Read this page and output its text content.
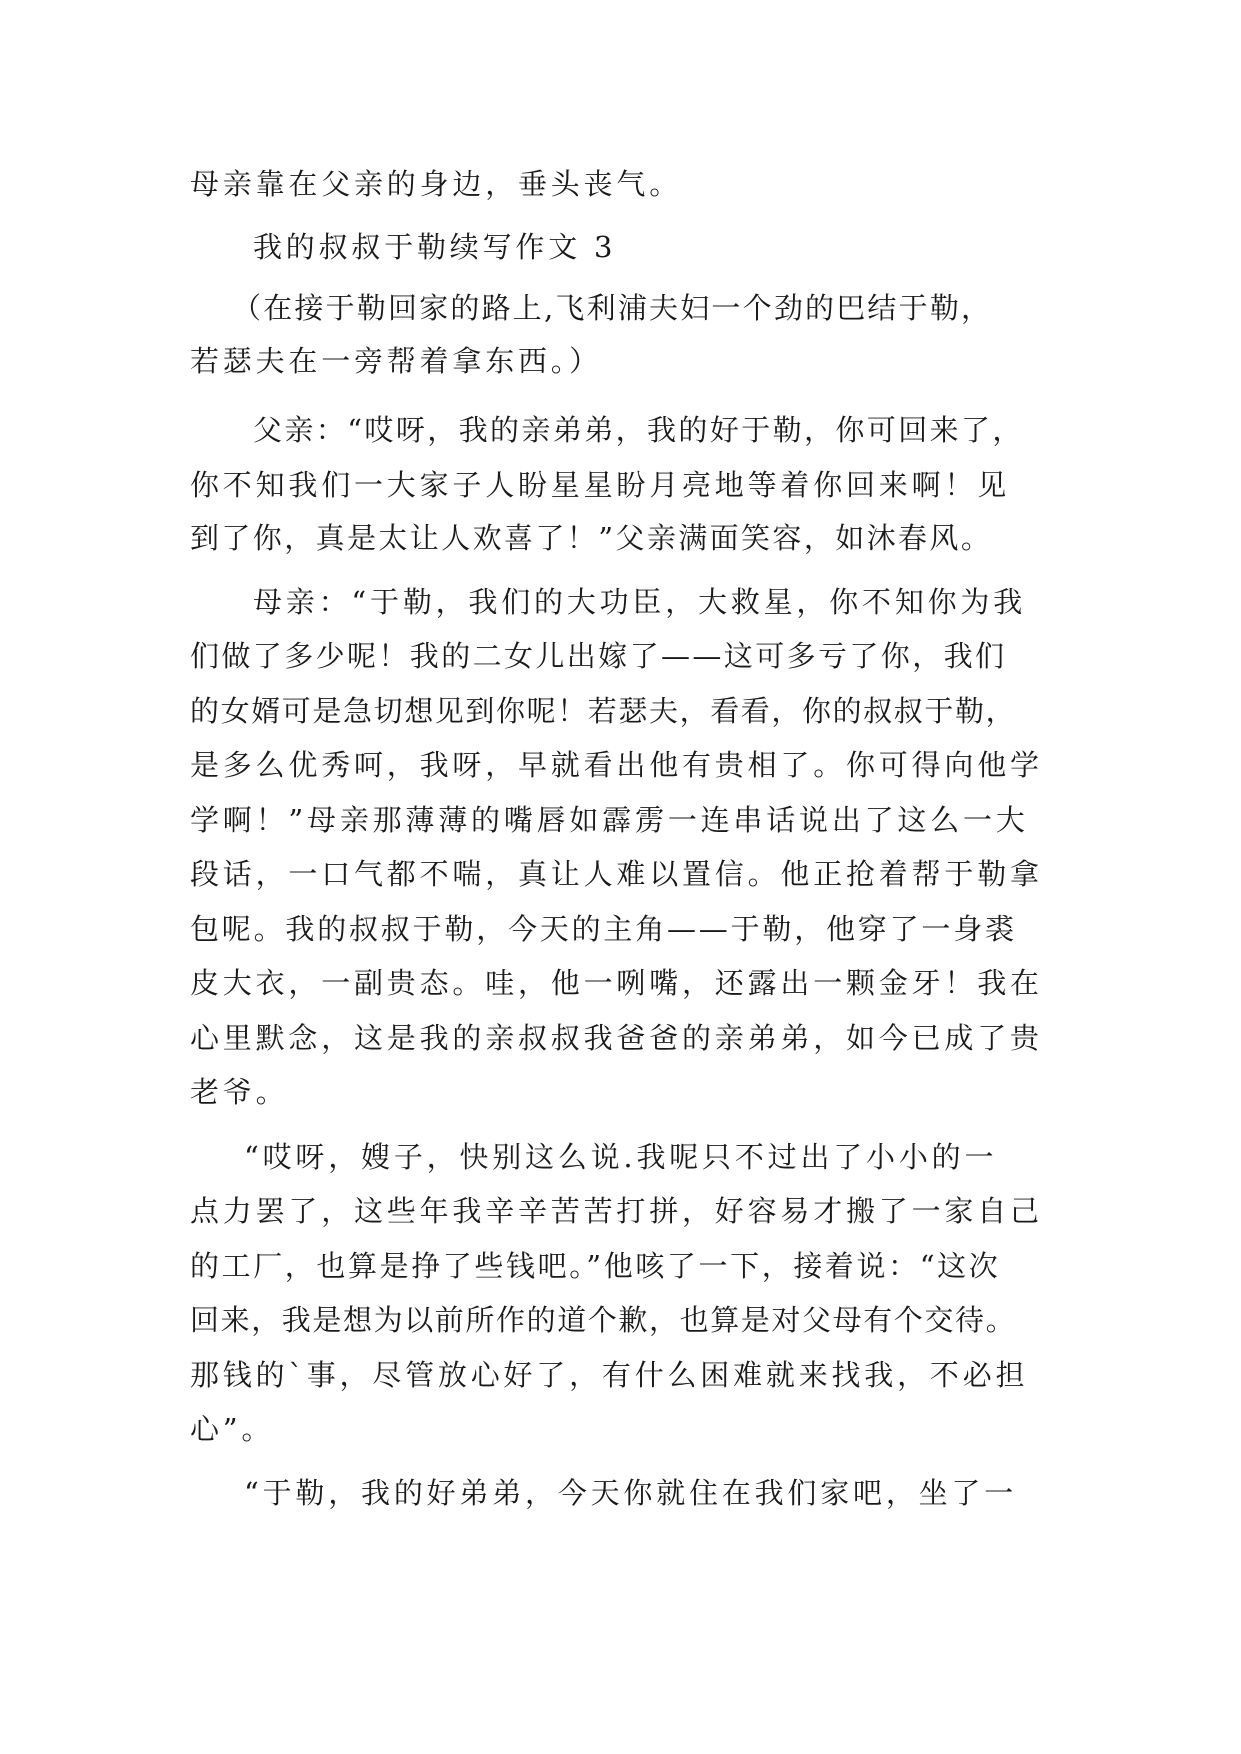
母亲靠在父亲的身边，垂头丧气。
我的叔叔于勒续写作文 3
（在接于勒回家的路上,飞利浦夫妇一个劲的巴结于勒，
若瑟夫在一旁帮着拿东西。）
父亲：“哎呀，我的亲弟弟，我的好于勒，你可回来了，
你不知我们一大家子人盼星星盼月亮地等着你回来啊！见
到了你，真是太让人欢喜了！”父亲满面笑容，如沐春风。
母亲：“于勒，我们的大功臣，大救星，你不知你为我
们做了多少呢！我的二女儿出嫁了——这可多亏了你，我们
的女婿可是急切想见到你呢！若瑟夫，看看，你的叔叔于勒，
是多么优秀呵，我呀，早就看出他有贵相了。你可得向他学
学啊！”母亲那薄薄的嘴唇如霹雳一连串话说出了这么一大
段话，一口气都不喘，真让人难以置信。他正抢着帮于勒拿
包呢。我的叔叔于勒，今天的主角——于勒，他穿了一身裘
皮大衣，一副贵态。哇，他一咧嘴，还露出一颗金牙！我在
心里默念，这是我的亲叔叔我爸爸的亲弟弟，如今已成了贵
老爷。
“哎呀，嫂子，快别这么说.我呢只不过出了小小的一
点力罢了，这些年我辛辛苦苦打拼，好容易才搬了一家自己
的工厂，也算是挣了些钱吧。”他咳了一下，接着说：“这次
回来，我是想为以前所作的道个歉，也算是对父母有个交待。
那钱的`事，尽管放心好了，有什么困难就来找我，不必担
心”。
“于勒，我的好弟弟，今天你就住在我们家吧，坐了一
